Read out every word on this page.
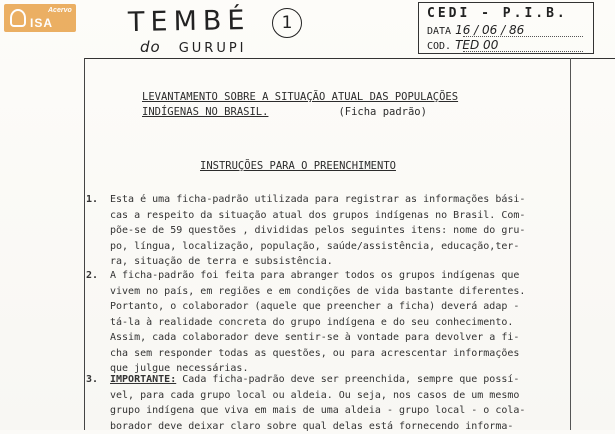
Acervo
ISA	TEMBÉ	1
do GURUPI
CEDI - P.I.B.
DATA 16 / 06 / 86
COD. TED 00
LEVANTAMENTO SOBRE A SITUAÇÃO ATUAL DAS POPULAÇÕES
INDÍGENAS NO BRASIL.	(Ficha padrão)
INSTRUÇÕES PARA O PREENCHIMENTO
1. Esta é uma ficha-padrão utilizada para registrar as informações bási-
cas a respeito da situação atual dos grupos indígenas no Brasil. Com-
põe-se de 59 questões , divididas pelos seguintes itens: nome do gru-
po, língua, localização, população, saúde/assistência, educação,ter-
ra, situação de terra e subsistência.
2. A ficha-padrão foi feita para abranger todos os grupos indígenas que
vivem no país, em regiões e em condições de vida bastante diferentes.
Portanto, o colaborador (aquele que preencher a ficha) deverá adap -
tá-la à realidade concreta do grupo indígena e do seu conhecimento.
Assim, cada colaborador deve sentir-se à vontade para devolver a fi-
cha sem responder todas as questões, ou para acrescentar informações
que julgue necessárias.
3. IMPORTANTE: Cada ficha-padrão deve ser preenchida, sempre que possí-
vel, para cada grupo local ou aldeia. Ou seja, nos casos de um mesmo
grupo indígena que viva em mais de uma aldeia - grupo local - o cola-
borador deve deixar claro sobre qual delas está fornecendo informa-
